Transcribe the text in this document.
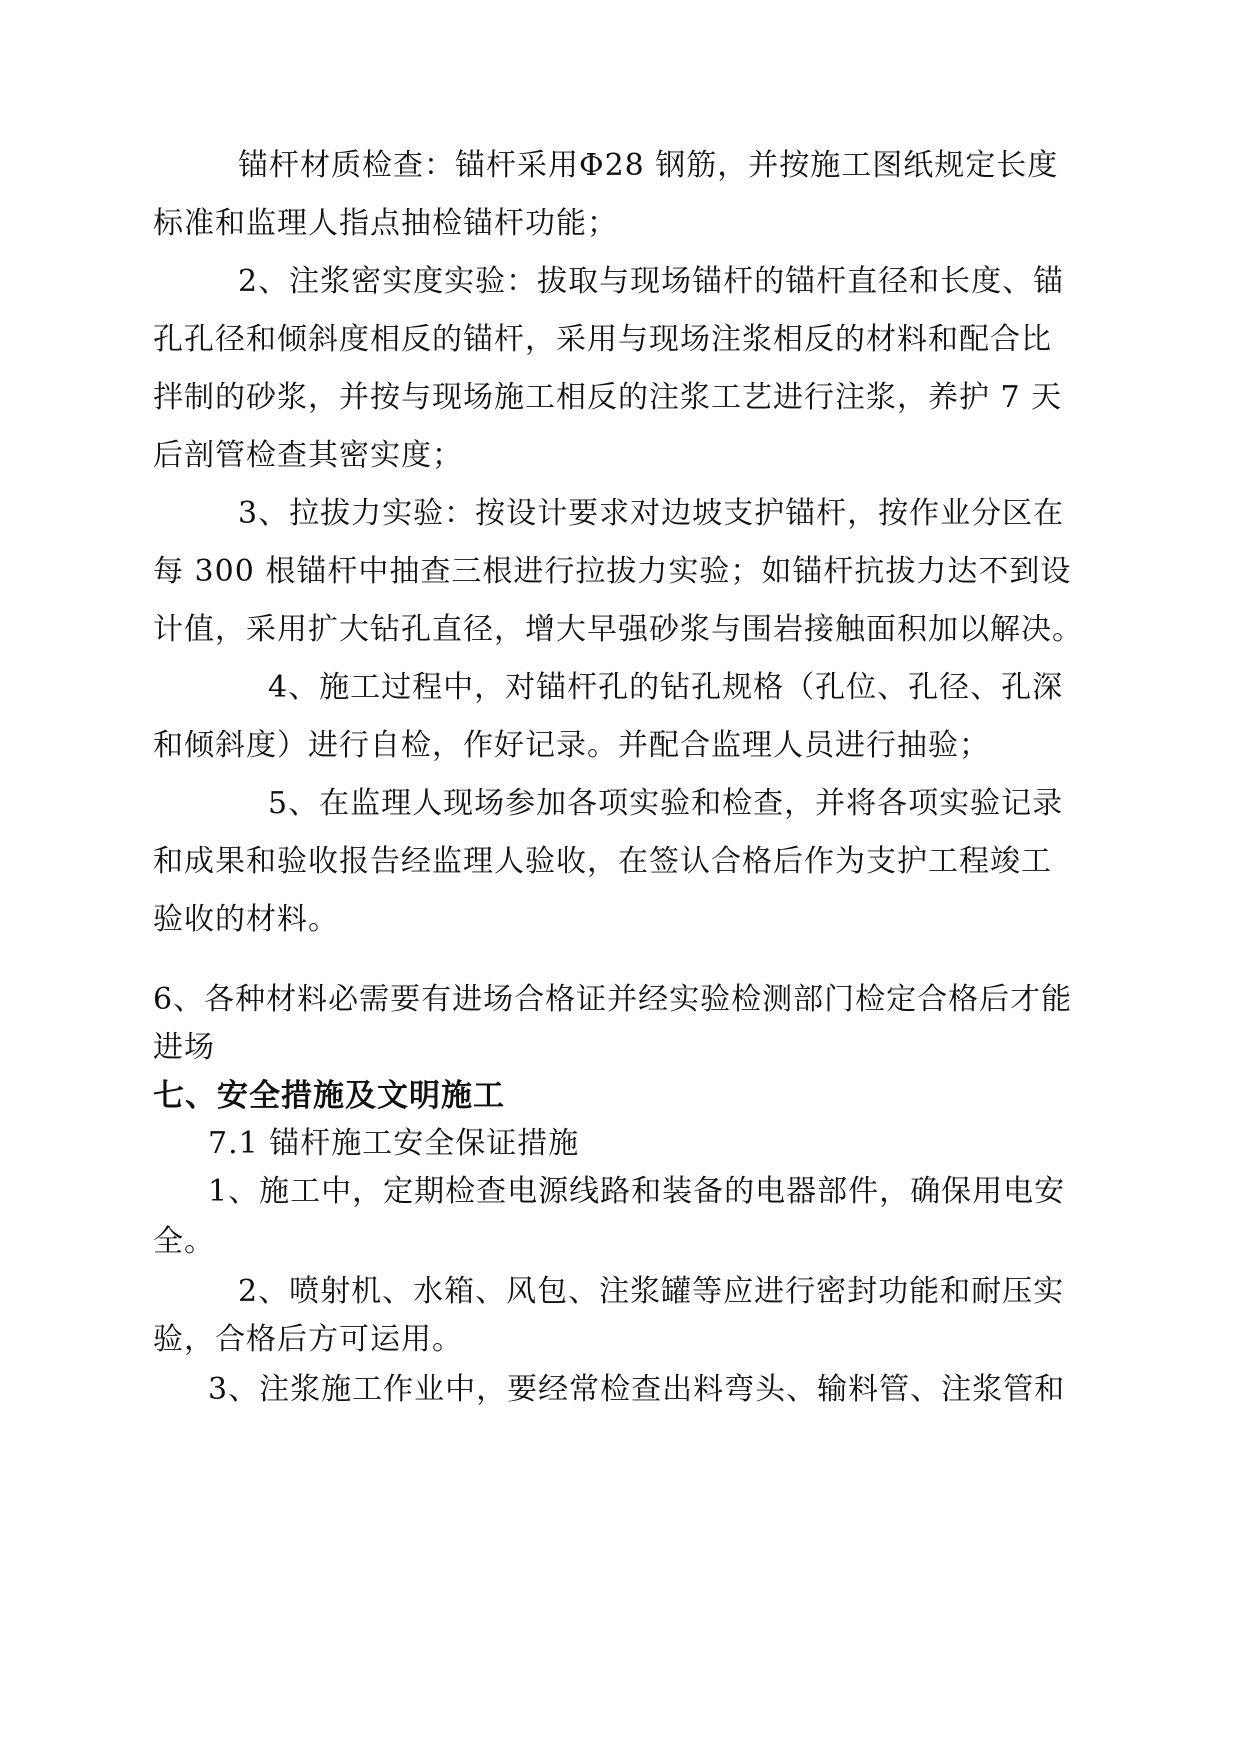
锚杆材质检查：锚杆采用Φ28 钢筋，并按施工图纸规定长度
标准和监理人指点抽检锚杆功能；
2、注浆密实度实验：拔取与现场锚杆的锚杆直径和长度、锚
孔孔径和倾斜度相反的锚杆，采用与现场注浆相反的材料和配合比
拌制的砂浆，并按与现场施工相反的注浆工艺进行注浆，养护 7 天
后剖管检查其密实度；
3、拉拔力实验：按设计要求对边坡支护锚杆，按作业分区在
每 300 根锚杆中抽查三根进行拉拔力实验；如锚杆抗拔力达不到设
计值，采用扩大钻孔直径，增大早强砂浆与围岩接触面积加以解决。
4、施工过程中，对锚杆孔的钻孔规格（孔位、孔径、孔深
和倾斜度）进行自检，作好记录。并配合监理人员进行抽验；
5、在监理人现场参加各项实验和检查，并将各项实验记录
和成果和验收报告经监理人验收，在签认合格后作为支护工程竣工
验收的材料。
6、各种材料必需要有进场合格证并经实验检测部门检定合格后才能
进场
七、安全措施及文明施工
7.1 锚杆施工安全保证措施
1、施工中，定期检查电源线路和装备的电器部件，确保用电安
全。
2、喷射机、水箱、风包、注浆罐等应进行密封功能和耐压实
验，合格后方可运用。
3、注浆施工作业中，要经常检查出料弯头、输料管、注浆管和
